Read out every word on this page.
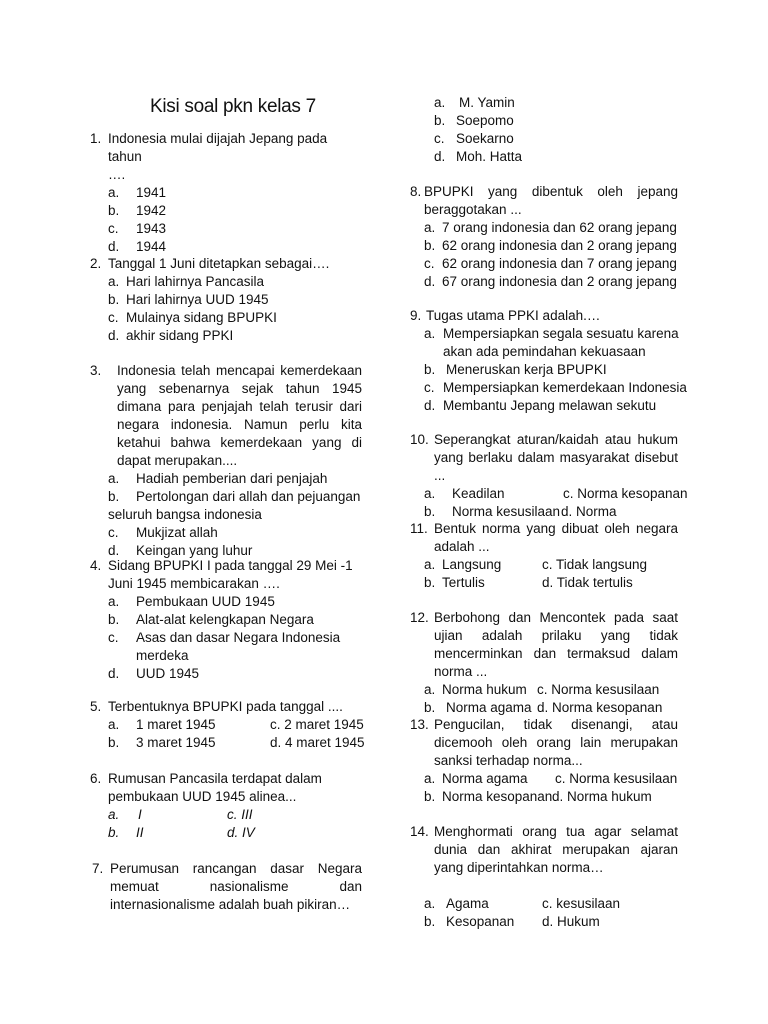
Kisi soal pkn kelas 7
1. Indonesia mulai dijajah Jepang pada tahun
….
a. 1941
b. 1942
c. 1943
d. 1944
2. Tanggal 1 Juni ditetapkan sebagai….
a. Hari lahirnya Pancasila
b. Hari lahirnya UUD 1945
c. Mulainya sidang BPUPKI
d. akhir sidang PPKI
3.	Indonesia telah mencapai kemerdekaan yang sebenarnya sejak tahun 1945 dimana para penjajah telah terusir dari negara indonesia. Namun perlu kita ketahui bahwa kemerdekaan yang di dapat merupakan....
a. Hadiah pemberian dari penjajah
b. Pertolongan dari allah dan pejuangan
seluruh bangsa indonesia
c. Mukjizat allah
d. Keingan yang luhur
4. Sidang BPUPKI I pada tanggal 29 Mei -1 Juni 1945 membicarakan ….
a. Pembukaan UUD 1945
b. Alat-alat kelengkapan Negara
c. Asas dan dasar Negara Indonesia
merdeka
d. UUD 1945
5. Terbentuknya BPUPKI pada tanggal ....
a. 1 maret 1945	c. 2 maret 1945
b. 3 maret 1945	d. 4 maret 1945
6. Rumusan Pancasila terdapat dalam pembukaan UUD 1945 alinea...
a. I	c. III
b. II	d. IV
7. Perumusan rancangan dasar Negara memuat nasionalisme dan internasionalisme adalah buah pikiran…
a. M. Yamin
b. Soepomo
c. Soekarno
d. Moh. Hatta
8. BPUPKI yang dibentuk oleh jepang beraggotakan ...
a. 7 orang indonesia dan 62 orang jepang
b. 62 orang indonesia dan 2 orang jepang
c. 62 orang indonesia dan 7 orang jepang
d. 67 orang indonesia dan 2 orang jepang
9. Tugas utama PPKI adalah.…
a. Mempersiapkan segala sesuatu karena
akan ada pemindahan kekuasaan
b. Meneruskan kerja BPUPKI
c. Mempersiapkan kemerdekaan Indonesia
d. Membantu Jepang melawan sekutu
10. Seperangkat aturan/kaidah atau hukum yang berlaku dalam masyarakat disebut ...
a. Keadilan	c. Norma kesopanan
b. Norma kesusilaan d. Norma
11. Bentuk norma yang dibuat oleh negara adalah ...
a. Langsung	c. Tidak langsung
b. Tertulis	d. Tidak tertulis
12. Berbohong dan Mencontek pada saat ujian adalah prilaku yang tidak mencerminkan dan termaksud dalam norma ...
a. Norma hukum c. Norma kesusilaan
b. Norma agama d. Norma kesopanan
13. Pengucilan, tidak disenangi, atau dicemooh oleh orang lain merupakan sanksi terhadap norma...
a. Norma agama c. Norma kesusilaan
b. Norma kesopanan d. Norma hukum
14. Menghormati orang tua agar selamat dunia dan akhirat merupakan ajaran yang diperintahkan norma…
a. Agama	c. kesusilaan
b. Kesopanan d. Hukum
